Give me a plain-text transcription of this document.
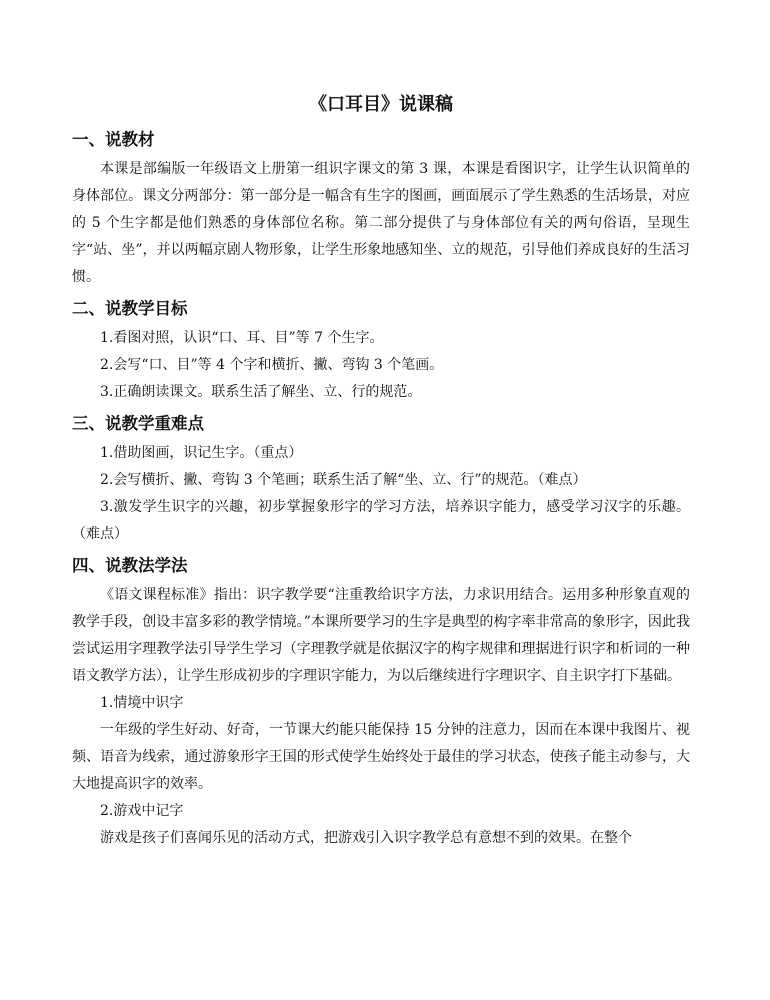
《口耳目》说课稿
一、说教材

本课是部编版一年级语文上册第一组识字课文的第 3 课，本课是看图识字，让学生认识简单的身体部位。课文分两部分：第一部分是一幅含有生字的图画，画面展示了学生熟悉的生活场景，对应的 5 个生字都是他们熟悉的身体部位名称。第二部分提供了与身体部位有关的两句俗语，呈现生字“站、坐”，并以两幅京剧人物形象，让学生形象地感知坐、立的规范，引导他们养成良好的生活习惯。

二、说教学目标

1.看图对照，认识“口、耳、目”等 7 个生字。

2.会写“口、目”等 4 个字和横折、撇、弯钩 3 个笔画。

3.正确朗读课文。联系生活了解坐、立、行的规范。

三、说教学重难点

1.借助图画，识记生字。（重点）

2.会写横折、撇、弯钩 3 个笔画；联系生活了解“坐、立、行”的规范。（难点）

3.激发学生识字的兴趣，初步掌握象形字的学习方法，培养识字能力，感受学习汉字的乐趣。（难点）

四、说教法学法

《语文课程标准》指出：识字教学要“注重教给识字方法，力求识用结合。运用多种形象直观的教学手段，创设丰富多彩的教学情境。”本课所要学习的生字是典型的构字率非常高的象形字，因此我尝试运用字理教学法引导学生学习（字理教学就是依据汉字的构字规律和理据进行识字和析词的一种语文教学方法），让学生形成初步的字理识字能力，为以后继续进行字理识字、自主识字打下基础。

1.情境中识字

一年级的学生好动、好奇，一节课大约能只能保持 15 分钟的注意力，因而在本课中我图片、视频、语音为线索，通过游象形字王国的形式使学生始终处于最佳的学习状态，使孩子能主动参与，大大地提高识字的效率。

2.游戏中记字

游戏是孩子们喜闻乐见的活动方式，把游戏引入识字教学总有意想不到的效果。在整个
